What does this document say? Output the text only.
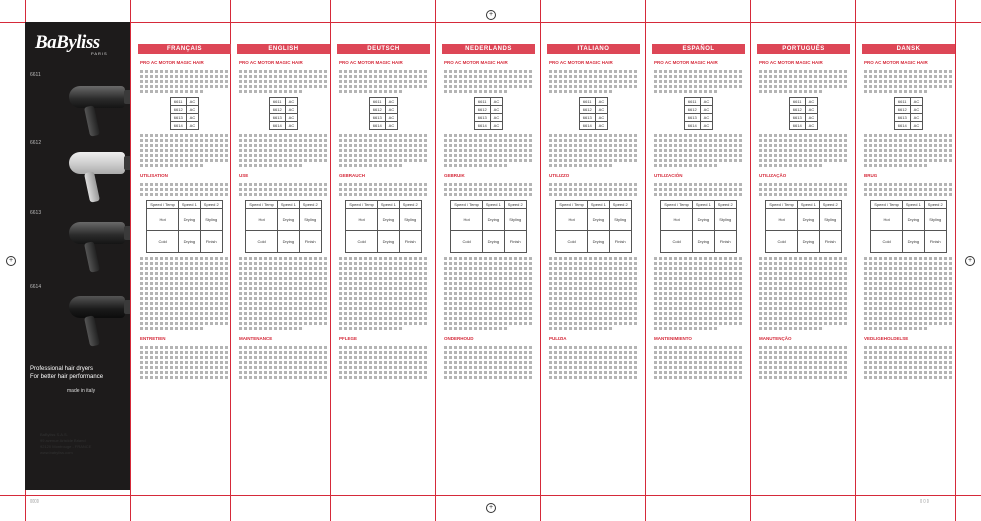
+
+	+
+
BaByliss
PARIS
6611
6612
6613
6614
Professional hair dryers
For better hair performance
made in italy
BaByliss S.A.S.
99 avenue Aristide Briand
92120 Montrouge - FRANCE
www.babyliss.com
FRANÇAIS
PRO AC MOTOR MAGIC HAIR
6611	AC
6612	AC
6613	AC
6614	AC
UTILISATION
Speed / Temp	Speed 1	Speed 2
Hot	Drying	Styling
Cold	Drying	Finish
ENTRETIEN
ENGLISH
PRO AC MOTOR MAGIC HAIR
6611	AC
6612	AC
6613	AC
6614	AC
USE
Speed / Temp	Speed 1	Speed 2
Hot	Drying	Styling
Cold	Drying	Finish
MAINTENANCE
DEUTSCH
PRO AC MOTOR MAGIC HAIR
6611	AC
6612	AC
6613	AC
6614	AC
GEBRAUCH
Speed / Temp	Speed 1	Speed 2
Hot	Drying	Styling
Cold	Drying	Finish
PFLEGE
NEDERLANDS
PRO AC MOTOR MAGIC HAIR
6611	AC
6612	AC
6613	AC
6614	AC
GEBRUIK
Speed / Temp	Speed 1	Speed 2
Hot	Drying	Styling
Cold	Drying	Finish
ONDERHOUD
ITALIANO
PRO AC MOTOR MAGIC HAIR
6611	AC
6612	AC
6613	AC
6614	AC
UTILIZZO
Speed / Temp	Speed 1	Speed 2
Hot	Drying	Styling
Cold	Drying	Finish
PULIZIA
ESPAÑOL
PRO AC MOTOR MAGIC HAIR
6611	AC
6612	AC
6613	AC
6614	AC
UTILIZACIÓN
Speed / Temp	Speed 1	Speed 2
Hot	Drying	Styling
Cold	Drying	Finish
MANTENIMIENTO
PORTUGUÊS
PRO AC MOTOR MAGIC HAIR
6611	AC
6612	AC
6613	AC
6614	AC
UTILIZAÇÃO
Speed / Temp	Speed 1	Speed 2
Hot	Drying	Styling
Cold	Drying	Finish
MANUTENÇÃO
DANSK
PRO AC MOTOR MAGIC HAIR
6611	AC
6612	AC
6613	AC
6614	AC
BRUG
Speed / Temp	Speed 1	Speed 2
Hot	Drying	Styling
Cold	Drying	Finish
VEDLIGEHOLDELSE
▯▯▯▯	▯ ▯ ▯
